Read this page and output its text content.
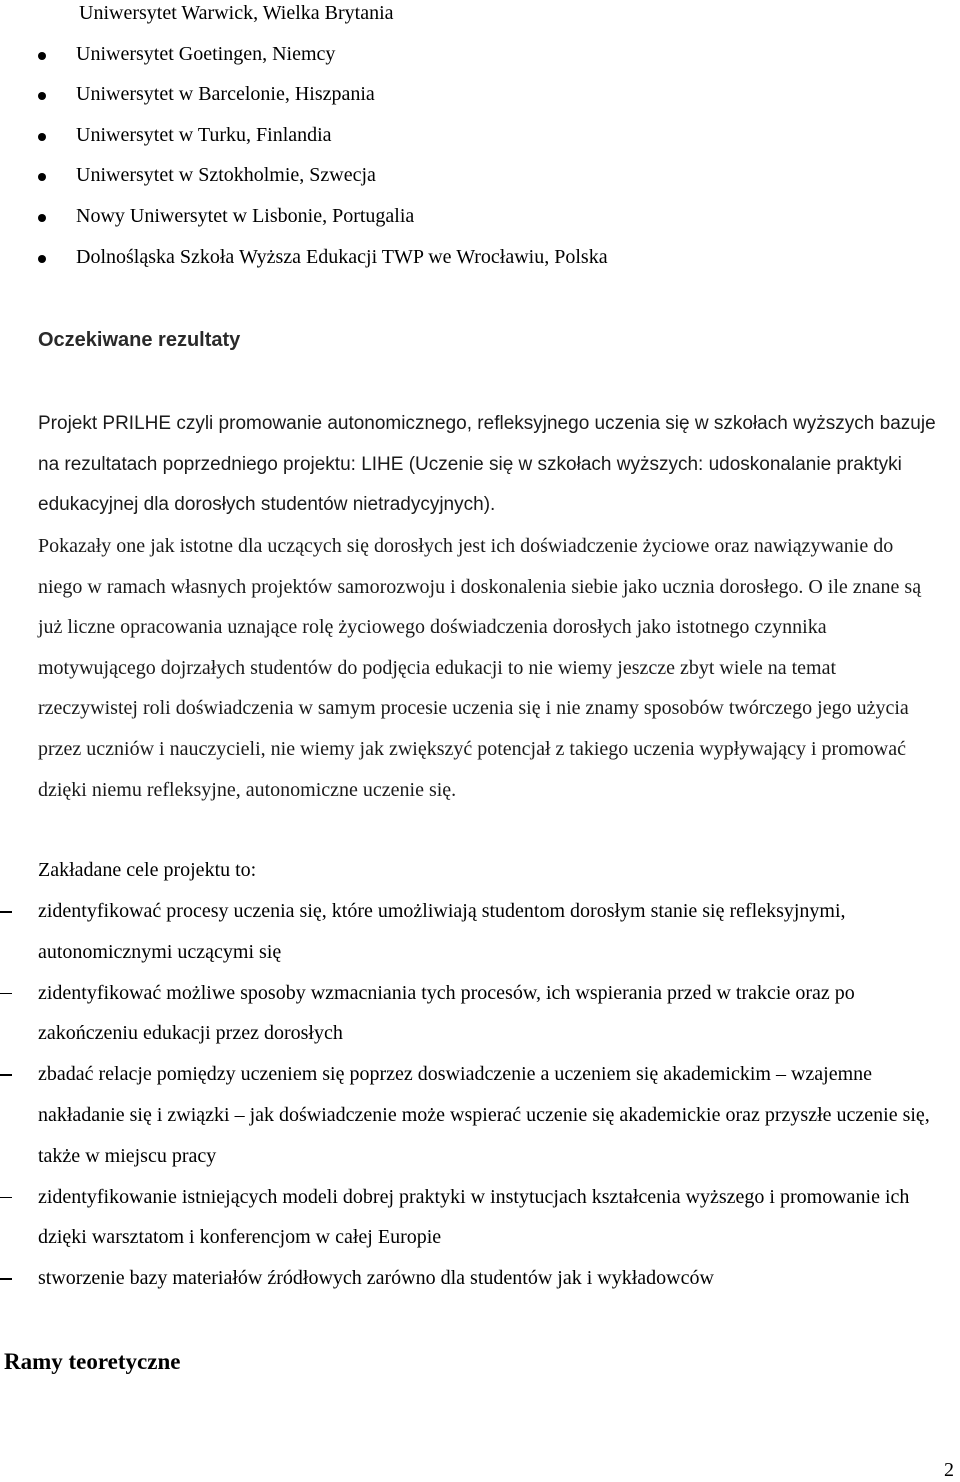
Uniwersytet Warwick, Wielka Brytania
Uniwersytet Goetingen, Niemcy
Uniwersytet w Barcelonie, Hiszpania
Uniwersytet w Turku, Finlandia
Uniwersytet w Sztokholmie, Szwecja
Nowy Uniwersytet w Lisbonie, Portugalia
Dolnośląska Szkoła Wyższa Edukacji TWP we Wrocławiu, Polska
Oczekiwane rezultaty

Projekt PRILHE czyli promowanie autonomicznego, refleksyjnego uczenia się w szkołach wyższych bazuje na rezultatach poprzedniego projektu: LIHE (Uczenie się w szkołach wyższych: udoskonalanie praktyki edukacyjnej dla dorosłych studentów nietradycyjnych).

Pokazały one jak istotne dla uczących się dorosłych jest ich doświadczenie życiowe oraz nawiązywanie do niego w ramach własnych projektów samorozwoju i doskonalenia siebie jako ucznia dorosłego. O ile znane są już liczne opracowania uznające rolę życiowego doświadczenia dorosłych jako istotnego czynnika motywującego dojrzałych studentów do podjęcia edukacji to nie wiemy jeszcze zbyt wiele na temat rzeczywistej roli doświadczenia w samym procesie uczenia się i nie znamy sposobów twórczego jego użycia przez uczniów i nauczycieli, nie wiemy jak zwiększyć potencjał z takiego uczenia wypływający i promować dzięki niemu refleksyjne, autonomiczne uczenie się.

Zakładane cele projektu to:

zidentyfikować procesy uczenia się, które umożliwiają studentom dorosłym stanie się refleksyjnymi, autonomicznymi uczącymi się
zidentyfikować możliwe sposoby wzmacniania tych procesów, ich wspierania przed w trakcie oraz po zakończeniu edukacji przez dorosłych
zbadać relacje pomiędzy uczeniem się poprzez doswiadczenie a uczeniem się akademickim – wzajemne nakładanie się i związki – jak doświadczenie może wspierać uczenie się akademickie oraz przyszłe uczenie się, także w miejscu pracy
zidentyfikowanie istniejących modeli dobrej praktyki w instytucjach kształcenia wyższego i promowanie ich dzięki warsztatom i konferencjom w całej Europie
stworzenie bazy materiałów źródłowych zarówno dla studentów jak i wykładowców
Ramy teoretyczne
2
